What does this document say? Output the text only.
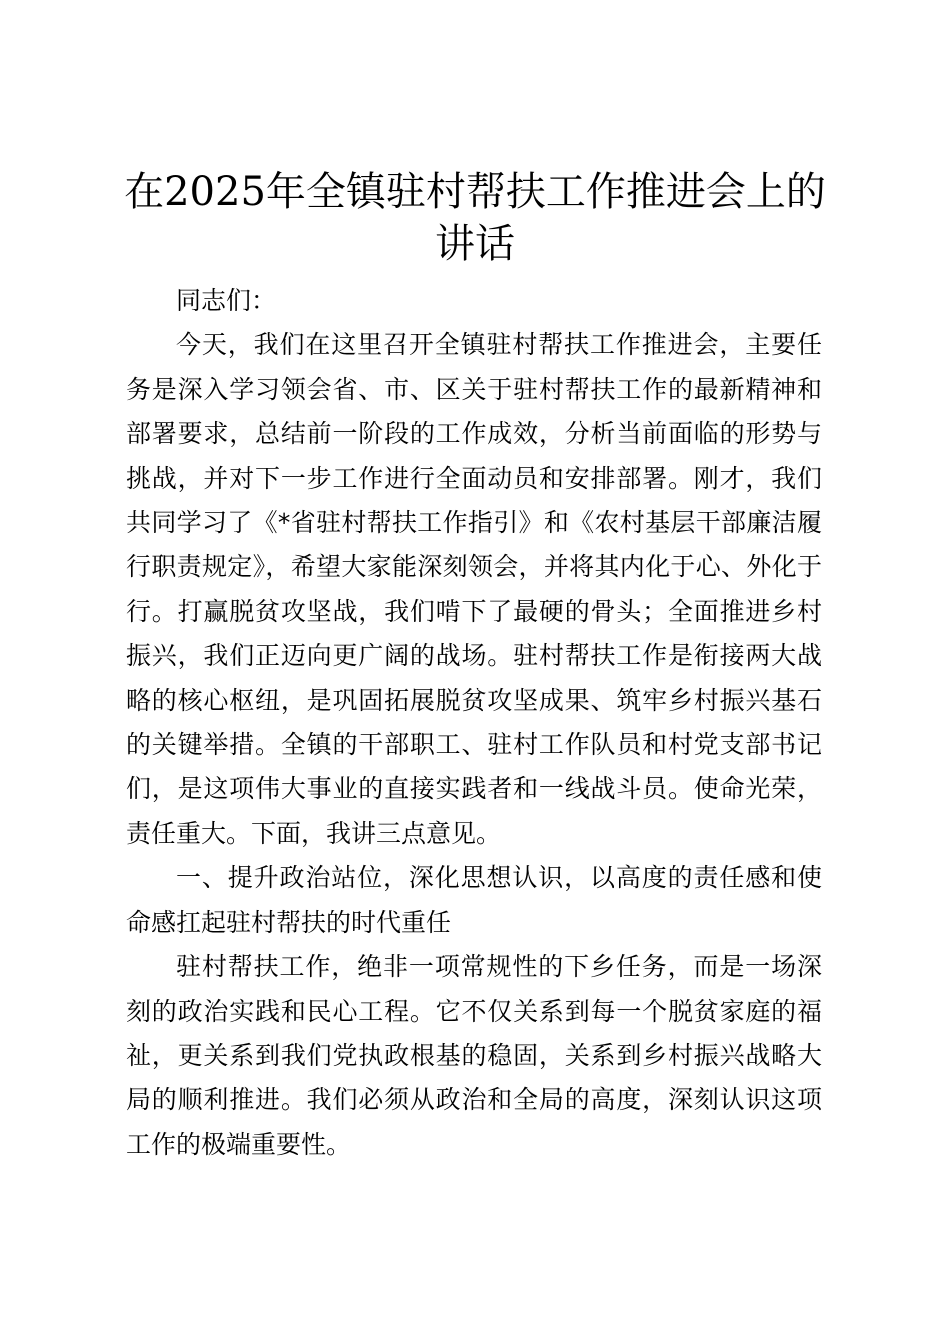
在2025年全镇驻村帮扶工作推进会上的讲话

同志们：

今天，我们在这里召开全镇驻村帮扶工作推进会，主要任务是深入学习领会省、市、区关于驻村帮扶工作的最新精神和部署要求，总结前一阶段的工作成效，分析当前面临的形势与挑战，并对下一步工作进行全面动员和安排部署。刚才，我们共同学习了《*省驻村帮扶工作指引》和《农村基层干部廉洁履行职责规定》，希望大家能深刻领会，并将其内化于心、外化于行。打赢脱贫攻坚战，我们啃下了最硬的骨头；全面推进乡村振兴，我们正迈向更广阔的战场。驻村帮扶工作是衔接两大战略的核心枢纽，是巩固拓展脱贫攻坚成果、筑牢乡村振兴基石的关键举措。全镇的干部职工、驻村工作队员和村党支部书记们，是这项伟大事业的直接实践者和一线战斗员。使命光荣，责任重大。下面，我讲三点意见。

一、提升政治站位，深化思想认识，以高度的责任感和使命感扛起驻村帮扶的时代重任

驻村帮扶工作，绝非一项常规性的下乡任务，而是一场深刻的政治实践和民心工程。它不仅关系到每一个脱贫家庭的福祉，更关系到我们党执政根基的稳固，关系到乡村振兴战略大局的顺利推进。我们必须从政治和全局的高度，深刻认识这项工作的极端重要性。
